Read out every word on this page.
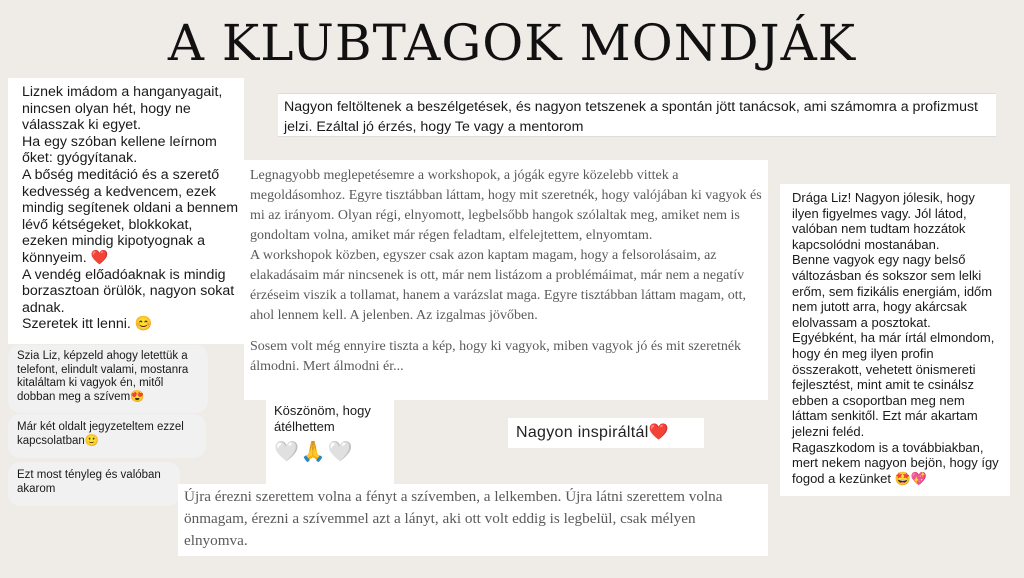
A KLUBTAGOK MONDJÁK
Liznek imádom a hanganyagait,
nincsen olyan hét, hogy ne
válasszak ki egyet.
Ha egy szóban kellene leírnom
őket: gyógyítanak.
A bőség meditáció és a szerető
kedvesség a kedvencem, ezek
mindig segítenek oldani a bennem
lévő kétségeket, blokkokat,
ezeken mindig kipotyognak a
könnyeim. ❤️
A vendég előadóaknak is mindig
borzasztoan örülök, nagyon sokat
adnak.
Szeretek itt lenni. 😊
Nagyon feltöltenek a beszélgetések, és nagyon tetszenek a spontán jött tanácsok, ami számomra a profizmust
jelzi. Ezáltal jó érzés, hogy Te vagy a mentorom
Legnagyobb meglepetésemre a workshopok, a jógák egyre közelebb vittek a
megoldásomhoz. Egyre tisztábban láttam, hogy mit szeretnék, hogy valójában ki vagyok és
mi az irányom. Olyan régi, elnyomott, legbelsőbb hangok szólaltak meg, amiket nem is
gondoltam volna, amiket már régen feladtam, elfelejtettem, elnyomtam.
A workshopok közben, egyszer csak azon kaptam magam, hogy a felsorolásaim, az
elakadásaim már nincsenek is ott, már nem listázom a problémáimat, már nem a negatív
érzéseim viszik a tollamat, hanem a varázslat maga. Egyre tisztábban láttam magam, ott,
ahol lennem kell. A jelenben. Az izgalmas jövőben.
Sosem volt még ennyire tiszta a kép, hogy ki vagyok, miben vagyok jó és mit szeretnék
álmodni. Mert álmodni ér...
Drága Liz! Nagyon jólesik, hogy
ilyen figyelmes vagy. Jól látod,
valóban nem tudtam hozzátok
kapcsolódni mostanában.
Benne vagyok egy nagy belső
változásban és sokszor sem lelki
erőm, sem fizikális energiám, időm
nem jutott arra, hogy akárcsak
elolvassam a posztokat.
Egyébként, ha már írtál elmondom,
hogy én meg ilyen profin
összerakott, vehetett önismereti
fejlesztést, mint amit te csinálsz
ebben a csoportban meg nem
láttam senkitől. Ezt már akartam
jelezni feléd.
Ragaszkodom is a továbbiakban,
mert nekem nagyon bejön, hogy így
fogod a kezünket 🤩💖
Szia Liz, képzeld ahogy letettük a
telefont, elindult valami, mostanra
kitaláltam ki vagyok én, mitől
dobban meg a szívem😍
Már két oldalt jegyzeteltem ezzel
kapcsolatban🙂
Ezt most tényleg és valóban
akarom
Köszönöm, hogy
átélhettem
🤍🙏🤍
Nagyon inspiráltál❤️
Újra érezni szerettem volna a fényt a szívemben, a lelkemben. Újra látni szerettem volna
önmagam, érezni a szívemmel azt a lányt, aki ott volt eddig is legbelül, csak mélyen
elnyomva.
